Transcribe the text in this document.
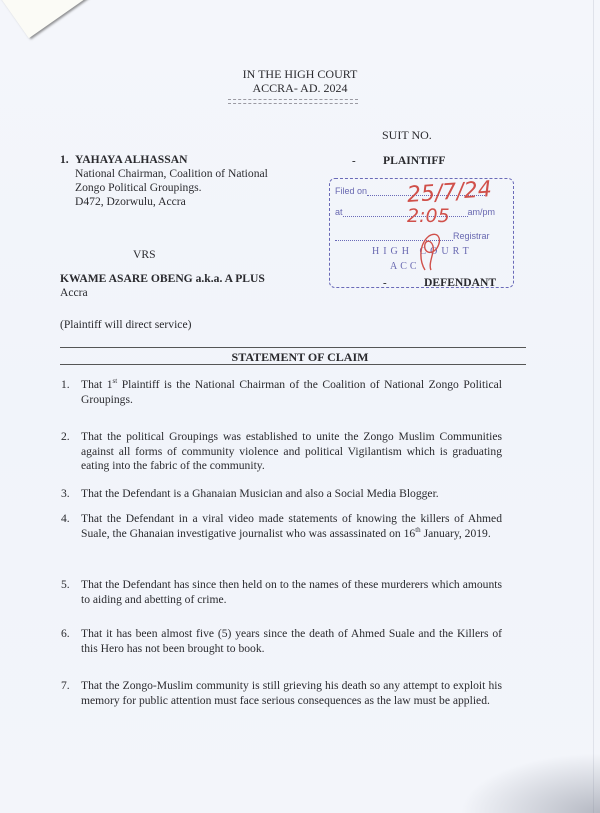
IN THE HIGH COURT
ACCRA- AD. 2024
SUIT NO.
1. YAHAYA ALHASSAN
National Chairman, Coalition of National
Zongo Political Groupings.
D472, Dzorwulu, Accra
- PLAINTIFF
Filed on
at	am/pm
Registrar
HIGH COURT
ACC
25/7/24
2:05
VRS
KWAME ASARE OBENG a.k.a. A PLUS
Accra
-	DEFENDANT
(Plaintiff will direct service)
STATEMENT OF CLAIM
1. That 1st Plaintiff is the National Chairman of the Coalition of National Zongo Political Groupings.
2. That the political Groupings was established to unite the Zongo Muslim Communities against all forms of community violence and political Vigilantism which is graduating eating into the fabric of the community.
3. That the Defendant is a Ghanaian Musician and also a Social Media Blogger.
4. That the Defendant in a viral video made statements of knowing the killers of Ahmed Suale, the Ghanaian investigative journalist who was assassinated on 16th January, 2019.
5. That the Defendant has since then held on to the names of these murderers which amounts to aiding and abetting of crime.
6. That it has been almost five (5) years since the death of Ahmed Suale and the Killers of this Hero has not been brought to book.
7. That the Zongo-Muslim community is still grieving his death so any attempt to exploit his memory for public attention must face serious consequences as the law must be applied.
